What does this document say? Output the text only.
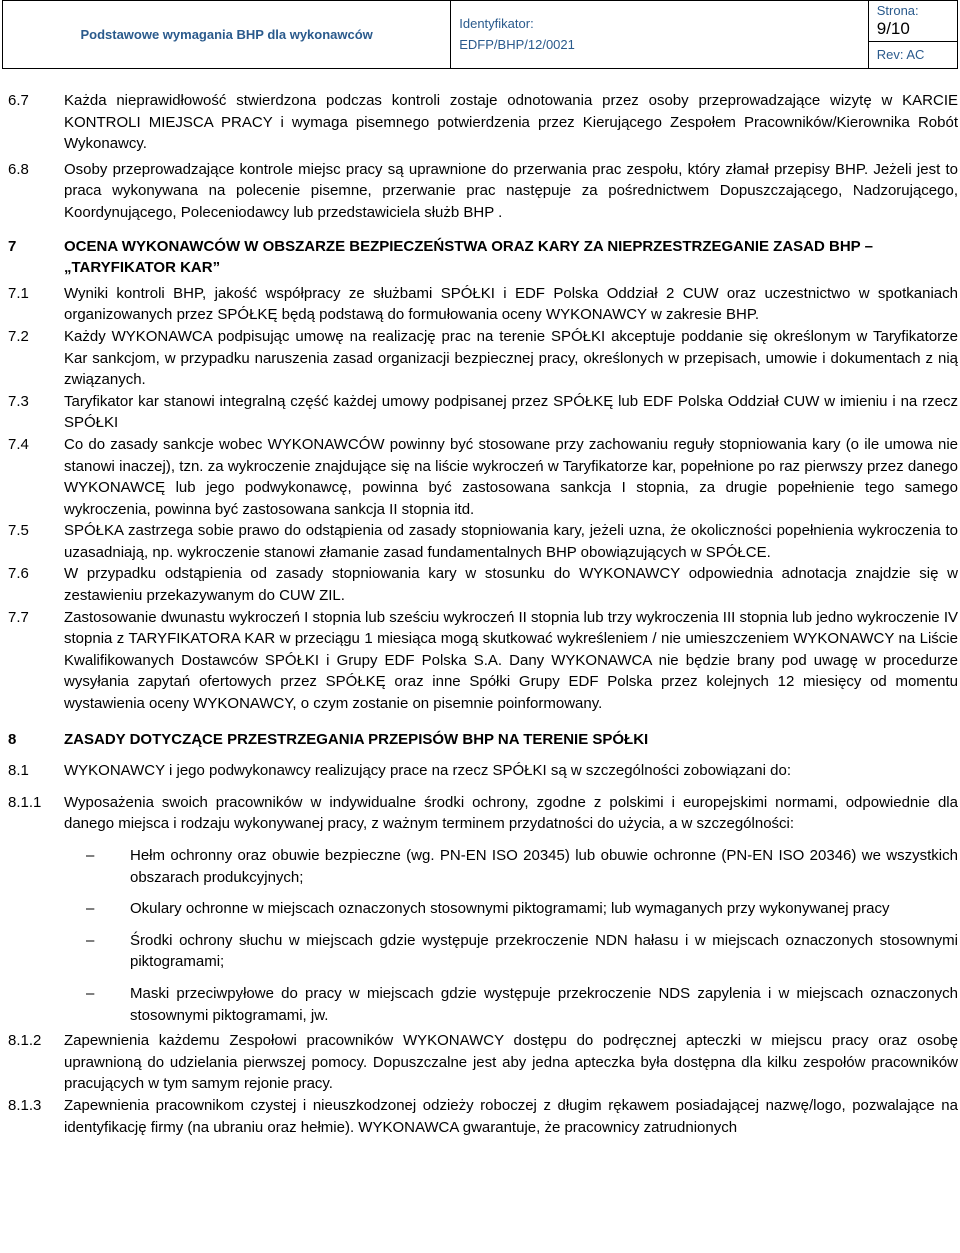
Podstawowe wymagania BHP dla wykonawców	
Identyfikator:
EDFP/BHP/12/0021

Strona:
9/10
Rev: AC
6.7	Każda nieprawidłowość stwierdzona podczas kontroli zostaje odnotowania przez osoby przeprowadzające wizytę w KARCIE KONTROLI MIEJSCA PRACY i wymaga pisemnego potwierdzenia przez Kierującego Zespołem Pracowników/Kierownika Robót Wykonawcy.
6.8	Osoby przeprowadzające kontrole miejsc pracy są uprawnione do przerwania prac zespołu, który złamał przepisy BHP. Jeżeli jest to praca wykonywana na polecenie pisemne, przerwanie prac następuje za pośrednictwem Dopuszczającego, Nadzorującego, Koordynującego, Poleceniodawcy lub przedstawiciela służb BHP .
7	OCENA WYKONAWCÓW W OBSZARZE BEZPIECZEŃSTWA ORAZ KARY ZA NIEPRZESTRZEGANIE ZASAD BHP – „TARYFIKATOR KAR”
7.1	Wyniki kontroli BHP, jakość współpracy ze służbami SPÓŁKI i EDF Polska Oddział 2 CUW oraz uczestnictwo w spotkaniach organizowanych przez SPÓŁKĘ będą podstawą do formułowania oceny WYKONAWCY w zakresie BHP.
7.2	Każdy WYKONAWCA podpisując umowę na realizację prac na terenie SPÓŁKI akceptuje poddanie się określonym w Taryfikatorze Kar sankcjom, w przypadku naruszenia zasad organizacji bezpiecznej pracy, określonych w przepisach, umowie i dokumentach z nią związanych.
7.3	Taryfikator kar stanowi integralną część każdej umowy podpisanej przez SPÓŁKĘ lub EDF Polska Oddział CUW w imieniu i na rzecz SPÓŁKI
7.4	Co do zasady sankcje wobec WYKONAWCÓW powinny być stosowane przy zachowaniu reguły stopniowania kary (o ile umowa nie stanowi inaczej), tzn. za wykroczenie znajdujące się na liście wykroczeń w Taryfikatorze kar, popełnione po raz pierwszy przez danego WYKONAWCĘ lub jego podwykonawcę, powinna być zastosowana sankcja I stopnia, za drugie popełnienie tego samego wykroczenia, powinna być zastosowana sankcja II stopnia itd.
7.5	SPÓŁKA zastrzega sobie prawo do odstąpienia od zasady stopniowania kary, jeżeli uzna, że okoliczności popełnienia wykroczenia to uzasadniają, np. wykroczenie stanowi złamanie zasad fundamentalnych BHP obowiązujących w SPÓŁCE.
7.6	W przypadku odstąpienia od zasady stopniowania kary w stosunku do WYKONAWCY odpowiednia adnotacja znajdzie się w zestawieniu przekazywanym do CUW ZIL.
7.7	Zastosowanie dwunastu wykroczeń I stopnia lub sześciu wykroczeń II stopnia lub trzy wykroczenia III stopnia lub jedno wykroczenie IV stopnia z TARYFIKATORA KAR w przeciągu 1 miesiąca mogą skutkować wykreśleniem / nie umieszczeniem WYKONAWCY na Liście Kwalifikowanych Dostawców SPÓŁKI i Grupy EDF Polska S.A. Dany WYKONAWCA nie będzie brany pod uwagę w procedurze wysyłania zapytań ofertowych przez SPÓŁKĘ oraz inne Spółki Grupy EDF Polska przez kolejnych 12 miesięcy od momentu wystawienia oceny WYKONAWCY, o czym zostanie on pisemnie poinformowany.
8	ZASADY DOTYCZĄCE PRZESTRZEGANIA PRZEPISÓW BHP NA TERENIE SPÓŁKI
8.1	WYKONAWCY i jego podwykonawcy realizujący prace na rzecz SPÓŁKI są w szczególności zobowiązani do:
8.1.1	Wyposażenia swoich pracowników w indywidualne środki ochrony, zgodne z polskimi i europejskimi normami, odpowiednie dla danego miejsca i rodzaju wykonywanej pracy, z ważnym terminem przydatności do użycia, a w szczególności:
–	Hełm ochronny oraz obuwie bezpieczne (wg. PN-EN ISO 20345) lub obuwie ochronne (PN-EN ISO 20346) we wszystkich obszarach produkcyjnych;
–	Okulary ochronne w miejscach oznaczonych stosownymi piktogramami; lub wymaganych przy wykonywanej pracy
–	Środki ochrony słuchu w miejscach gdzie występuje przekroczenie NDN hałasu i w miejscach oznaczonych stosownymi piktogramami;
–	Maski przeciwpyłowe do pracy w miejscach gdzie występuje przekroczenie NDS zapylenia i w miejscach oznaczonych stosownymi piktogramami, jw.
8.1.2	Zapewnienia każdemu Zespołowi pracowników WYKONAWCY dostępu do podręcznej apteczki w miejscu pracy oraz osobę uprawnioną do udzielania pierwszej pomocy. Dopuszczalne jest aby jedna apteczka była dostępna dla kilku zespołów pracowników pracujących w tym samym rejonie pracy.
8.1.3	Zapewnienia pracownikom czystej i nieuszkodzonej odzieży roboczej z długim rękawem posiadającej nazwę/logo, pozwalające na identyfikację firmy (na ubraniu oraz hełmie). WYKONAWCA gwarantuje, że pracownicy zatrudnionych
